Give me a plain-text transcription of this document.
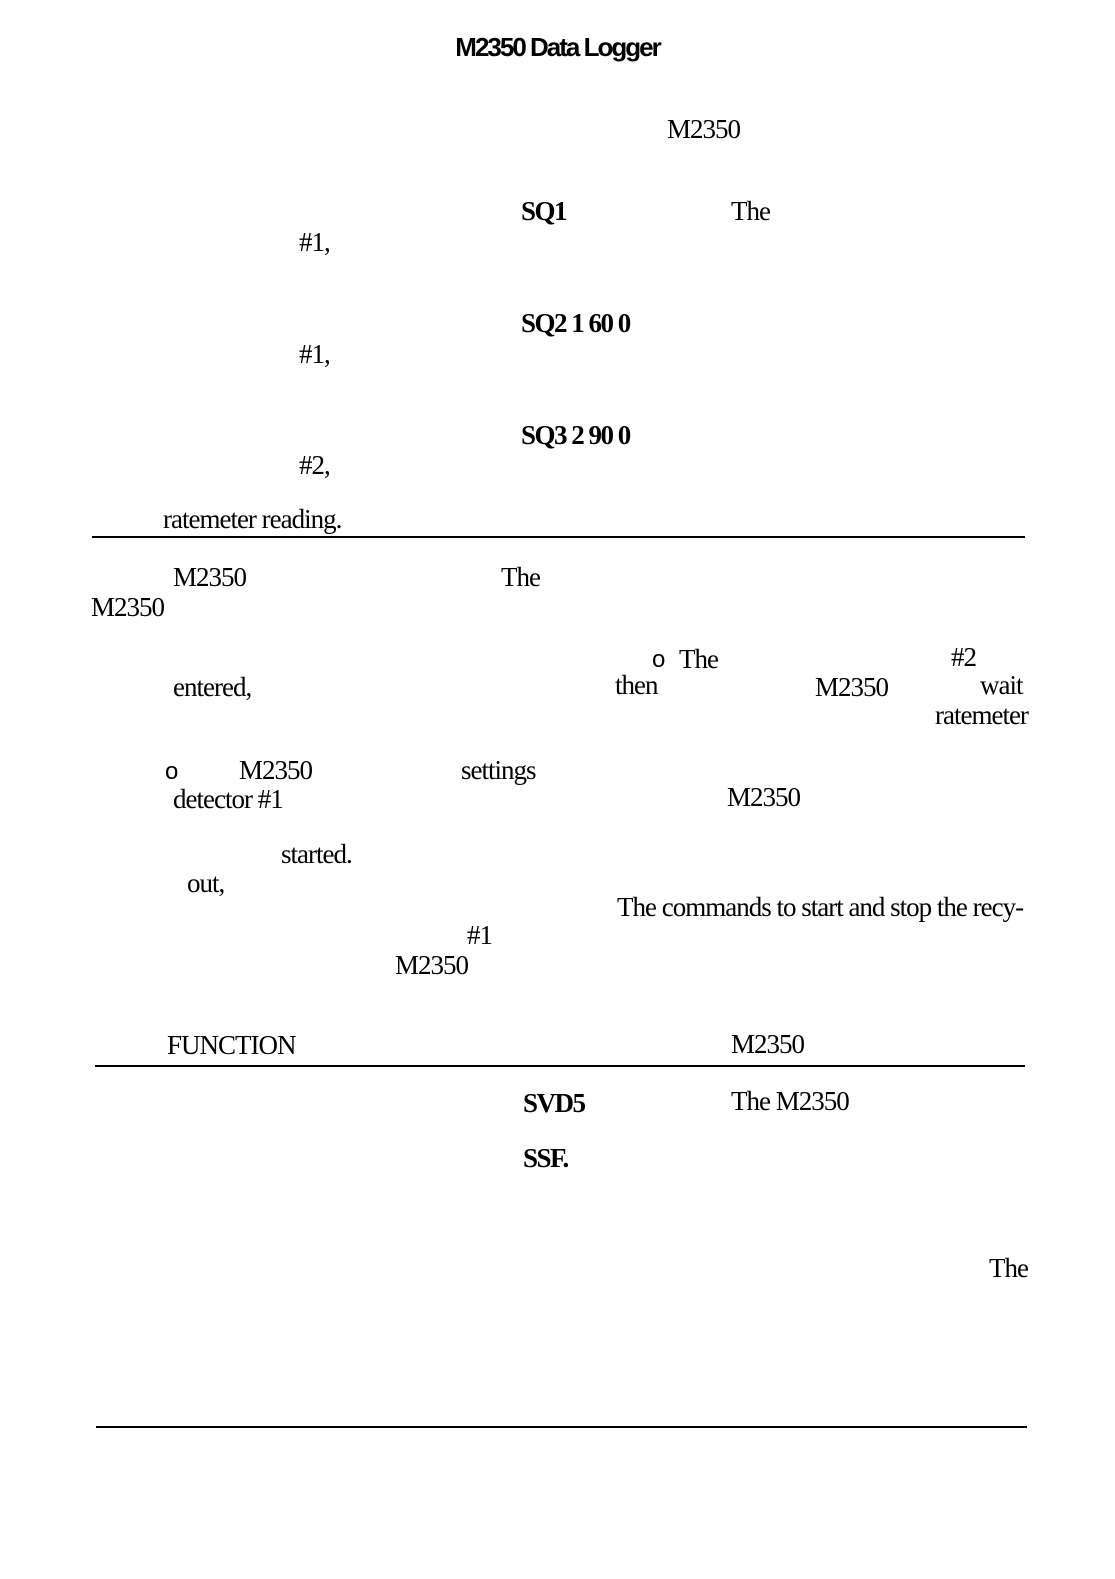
M2350 Data Logger
M2350
SQ1	The
#1,
SQ2 1 60 0
#1,
SQ3 2 90 0
#2,
ratemeter reading.
M2350	The
M2350
o The	#2
entered,	then	M2350	wait
ratemeter
o M2350	settings
detector #1	M2350
started.
out,
The commands to start and stop the recy-
#1
M2350
FUNCTION	M2350
SVD5	The M2350
SSF.
The
